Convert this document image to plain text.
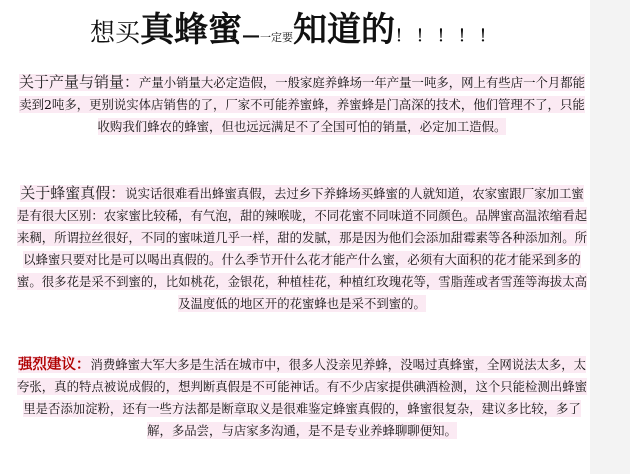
想买真蜂蜜—一定要知道的！！！！！
关于产量与销量：产量小销量大必定造假，一般家庭养蜂场一年产量一吨多，网上有些店一个月都能卖到2吨多，更别说实体店销售的了，厂家不可能养蜜蜂，养蜜蜂是门高深的技术，他们管理不了，只能收购我们蜂农的蜂蜜，但也远远满足不了全国可怕的销量，必定加工造假。
关于蜂蜜真假：说实话很难看出蜂蜜真假，去过乡下养蜂场买蜂蜜的人就知道，农家蜜跟厂家加工蜜是有很大区别：农家蜜比较稀，有气泡，甜的辣喉咙，不同花蜜不同味道不同颜色。品牌蜜高温浓缩看起来稠，所谓拉丝很好，不同的蜜味道几乎一样，甜的发腻，那是因为他们会添加甜霉素等各种添加剂。所以蜂蜜只要对比是可以喝出真假的。什么季节开什么花才能产什么蜜，必须有大面积的花才能采到多的蜜。很多花是采不到蜜的，比如桃花，金银花，种植桂花，种植红玫瑰花等，雪脂莲或者雪莲等海拔太高及温度低的地区开的花蜜蜂也是采不到蜜的。
强烈建议：消费蜂蜜大军大多是生活在城市中，很多人没亲见养蜂，没喝过真蜂蜜，全网说法太多，太夸张，真的特点被说成假的，想判断真假是不可能神话。有不少店家提供碘酒检测，这个只能检测出蜂蜜里是否添加淀粉，还有一些方法都是断章取义是很难鉴定蜂蜜真假的，蜂蜜很复杂，建议多比较，多了解，多品尝，与店家多沟通，是不是专业养蜂聊聊便知。
